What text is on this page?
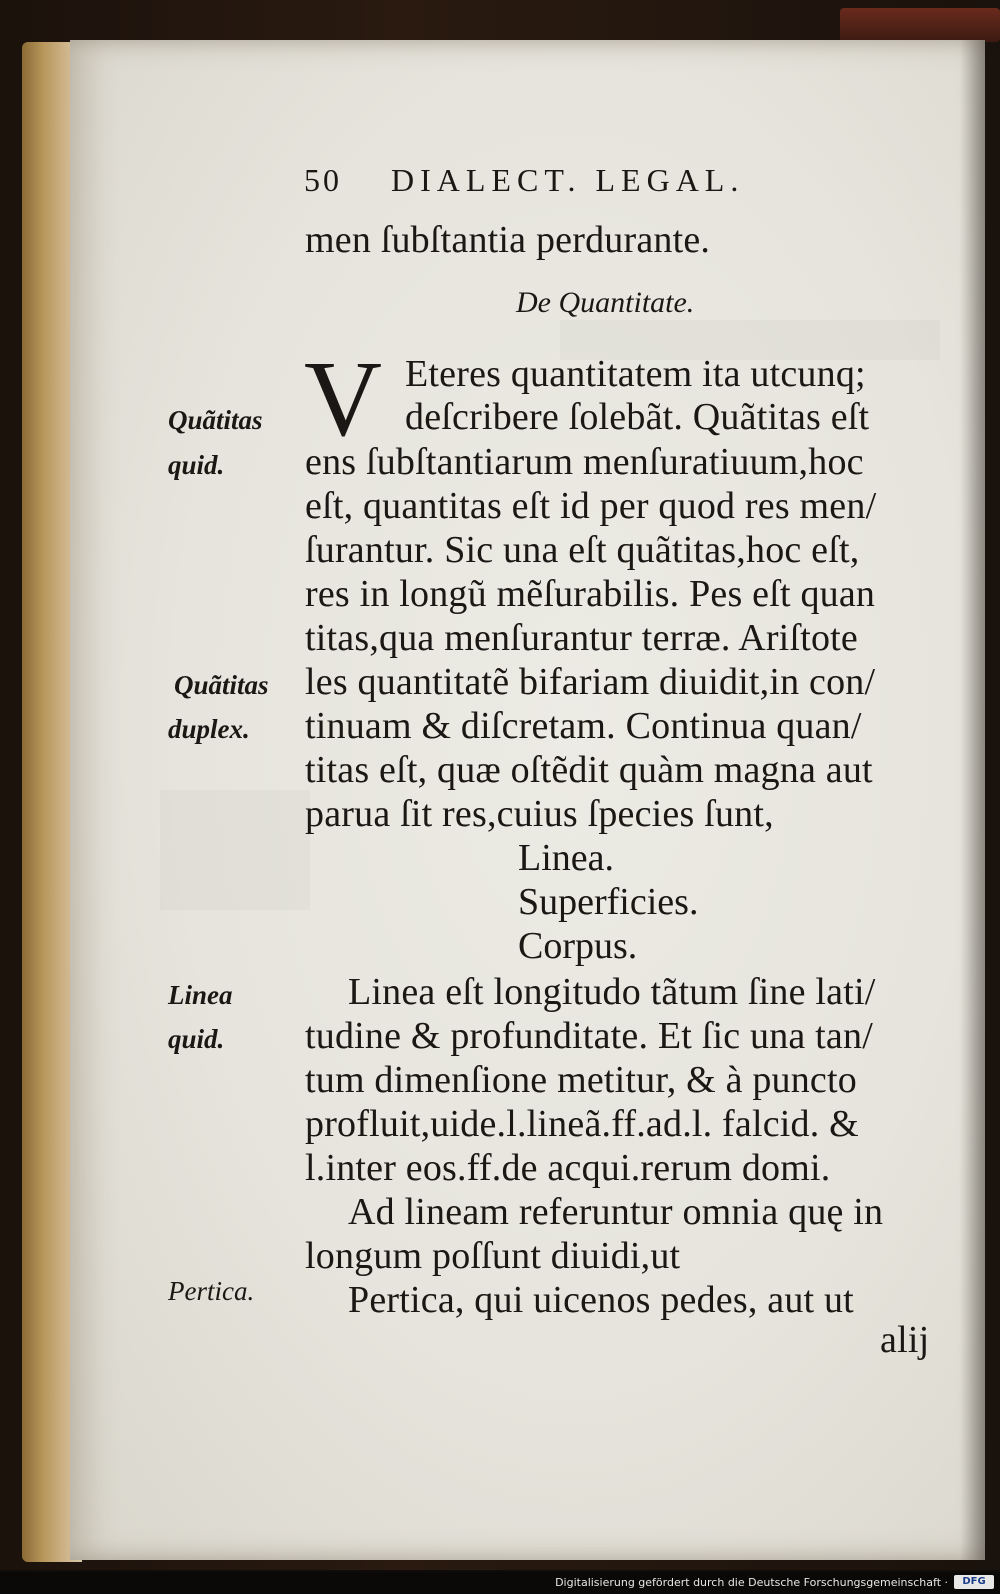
50 DIALECT. LEGAL.
men ſubſtantia perdurante.
De Quantitate.
V Eteres quantitatem ita utcunq;
deſcribere ſolebãt. Quãtitas eſt
ens ſubſtantiarum menſuratiuum,hoc
eſt, quantitas eſt id per quod res men/
ſurantur. Sic una eſt quãtitas,hoc eſt,
res in longũ mẽſurabilis. Pes eſt quan
titas,qua menſurantur terræ. Ariſtote
les quantitatẽ bifariam diuidit,in con/
tinuam & diſcretam. Continua quan/
titas eſt, quæ oſtẽdit quàm magna aut
parua ſit res,cuius ſpecies ſunt,
Linea.
Superficies.
Corpus.
Linea eſt longitudo tãtum ſine lati/
tudine & profunditate. Et ſic una tan/
tum dimenſione metitur, & à puncto
profluit,uide.l.lineã.ff.ad.l. falcid. &
l.inter eos.ff.de acqui.rerum domi.
Ad lineam referuntur omnia quę in
longum poſſunt diuidi,ut
Pertica, qui uicenos pedes, aut ut
alij
Quãtitas
quid.
Quãtitas
duplex.
Linea
quid.
Pertica.
Digitalisierung gefördert durch die Deutsche Forschungsgemeinschaft ·	DFG
